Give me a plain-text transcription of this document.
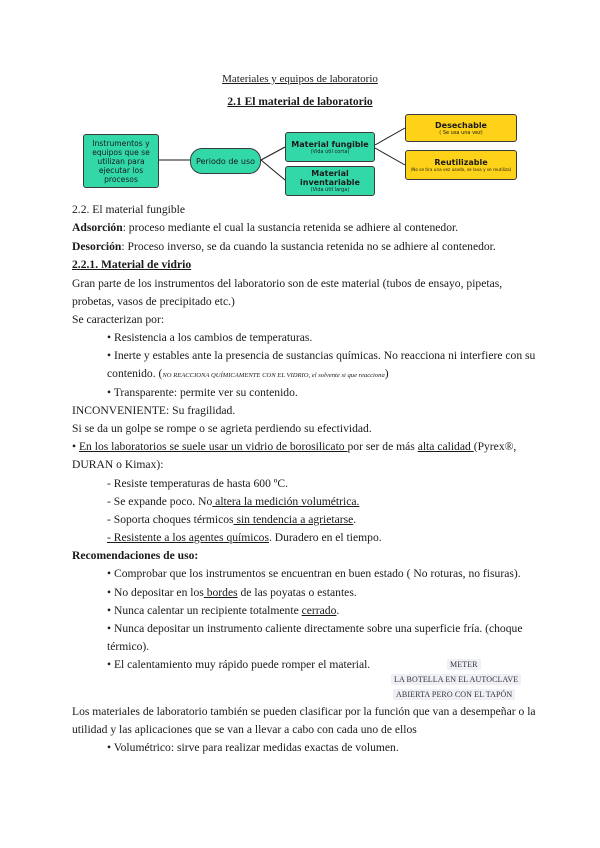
Materiales y equipos de laboratorio
2.1 El material de laboratorio
Instrumentos y equipos que se utilizan para ejecutar los procesos
Periodo de uso
Material fungible
(Vida útil corta)
Material inventariable
(Vida útil larga)
Desechable
( Se usa una vez)
Reutilizable
(No se tira una vez usado, se lava y se reutiliza)
2.2. El material fungible
Adsorción: proceso mediante el cual la sustancia retenida se adhiere al contenedor.
Desorción: Proceso inverso, se da cuando la sustancia retenida no se adhiere al contenedor.
2.2.1. Material de vidrio
Gran parte de los instrumentos del laboratorio son de este material (tubos de ensayo, pipetas,
probetas, vasos de precipitado etc.)
Se caracterizan por:
• Resistencia a los cambios de temperaturas.
• Inerte y estables ante la presencia de sustancias químicas. No reacciona ni interfiere con su
contenido. (NO REACCIONA QUÍMICAMENTE CON EL VIDRIO, el solvente si que reacciona)
• Transparente: permite ver su contenido.
INCONVENIENTE: Su fragilidad.
Si se da un golpe se rompe o se agrieta perdiendo su efectividad.
• En los laboratorios se suele usar un vidrio de borosilicato por ser de más alta calidad (Pyrex®,
DURAN o Kimax):
- Resiste temperaturas de hasta 600 ºC.
- Se expande poco. No altera la medición volumétrica.
- Soporta choques térmicos sin tendencia a agrietarse.
- Resistente a los agentes químicos. Duradero en el tiempo.
Recomendaciones de uso:
• Comprobar que los instrumentos se encuentran en buen estado ( No roturas, no fisuras).
• No depositar en los bordes de las poyatas o estantes.
• Nunca calentar un recipiente totalmente cerrado.
• Nunca depositar un instrumento caliente directamente sobre una superficie fría. (choque
térmico).
• El calentamiento muy rápido puede romper el material.	METER
LA BOTELLA EN EL AUTOCLAVE
ABIERTA PERO CON EL TAPÓN
Los materiales de laboratorio también se pueden clasificar por la función que van a desempeñar o la
utilidad y las aplicaciones que se van a llevar a cabo con cada uno de ellos
• Volumétrico: sirve para realizar medidas exactas de volumen.
